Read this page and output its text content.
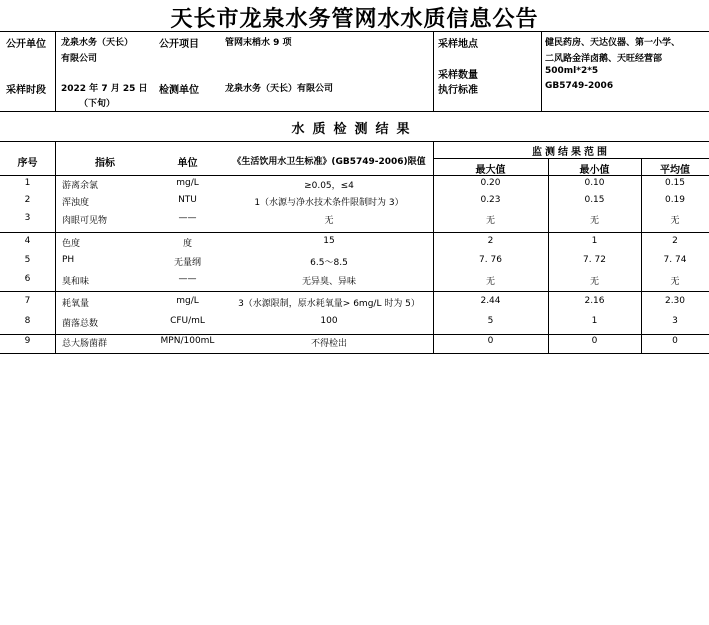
天长市龙泉水务管网水水质信息公告
公开单位 龙泉水务（天长）
有限公司
公开项目	管网末梢水 9 项	采样地点	健民药房、天达仪器、第一小学、
二风路金洋卤鹅、天旺经营部
采样数量	500ml*2*5
采样时段 2022 年 7 月 25 日
（下旬）
检测单位	龙泉水务（天长）有限公司	执行标准	GB5749-2006
水质检测结果
序号	指标	单位	《生活饮用水卫生标准》(GB5749-2006)限值
监测结果范围
最大值	最小值	平均值
1	游离余氯	mg/L	≥0.05，≤4	0.20	0.10	0.15
2	浑浊度	NTU	1（水源与净水技术条件限制时为 3）	0.23	0.15	0.19
3	肉眼可见物	——	无	无	无	无
4	色度	度	15	2	1	2
5	PH	无量纲	6.5～8.5	7. 76	7. 72	7. 74
6	臭和味	——	无异臭、异味	无	无	无
7	耗氧量	mg/L	3（水源限制，原水耗氧量> 6mg/L 时为 5）	2.44	2.16	2.30
8	菌落总数	CFU/mL	100	5	1	3
9	总大肠菌群	MPN/100mL	不得检出	0	0	0
